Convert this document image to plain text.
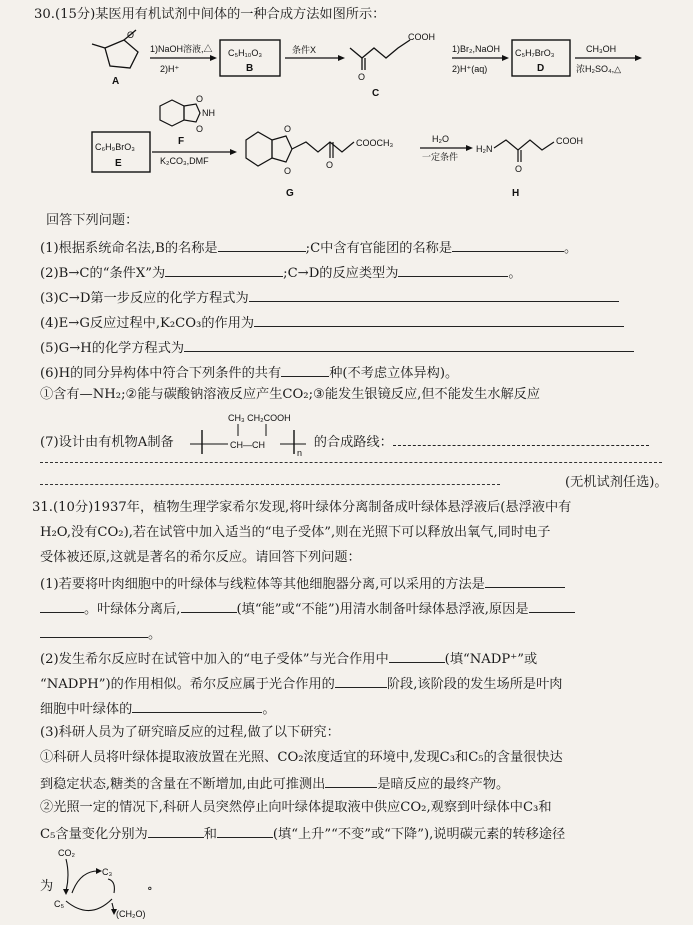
30.(15分)某医用有机试剂中间体的一种合成方法如图所示：
O
A
1)NaOH溶液,△
2)H⁺
C₅H₁₀O₃
B
条件X
O
COOH
C
1)Br₂,NaOH
2)H⁺(aq)
C₅H₇BrO₃
D
CH₃OH
浓H₂SO₄,△
C₆H₉BrO₃
E
O
NH
O
F
K₂CO₃,DMF
O
O
O
COOCH₃
G
H₂O
一定条件
H₂N
O
COOH
H
回答下列问题：
(1)根据系统命名法,B的名称是	;C中含有官能团的名称是	。
(2)B→C的“条件X”为	;C→D的反应类型为	。
(3)C→D第一步反应的化学方程式为
(4)E→G反应过程中,K₂CO₃的作用为
(5)G→H的化学方程式为
(6)H的同分异构体中符合下列条件的共有	种(不考虑立体异构)。
①含有—NH₂;②能与碳酸钠溶液反应产生CO₂;③能发生银镜反应,但不能发生水解反应
(7)设计由有机物A制备	的合成路线：
CH₃ CH₂COOH
CH—CH
n
(无机试剂任选)。
31.(10分)1937年，植物生理学家希尔发现,将叶绿体分离制备成叶绿体悬浮液后(悬浮液中有
H₂O,没有CO₂),若在试管中加入适当的“电子受体”,则在光照下可以释放出氧气,同时电子
受体被还原,这就是著名的希尔反应。请回答下列问题：
(1)若要将叶肉细胞中的叶绿体与线粒体等其他细胞器分离,可以采用的方法是
。叶绿体分离后,	(填“能”或“不能”)用清水制备叶绿体悬浮液,原因是
。
(2)发生希尔反应时在试管中加入的“电子受体”与光合作用中	(填“NADP⁺”或
“NADPH”)的作用相似。希尔反应属于光合作用的	阶段,该阶段的发生场所是叶肉
细胞中叶绿体的	。
(3)科研人员为了研究暗反应的过程,做了以下研究：
①科研人员将叶绿体提取液放置在光照、CO₂浓度适宜的环境中,发现C₃和C₅的含量很快达
到稳定状态,糖类的含量在不断增加,由此可推测出	是暗反应的最终产物。
②光照一定的情况下,科研人员突然停止向叶绿体提取液中供应CO₂,观察到叶绿体中C₃和
C₅含量变化分别为	和	(填“上升”“不变”或“下降”),说明碳元素的转移途径
为
CO₂
C₃
C₅
(CH₂O)
。
